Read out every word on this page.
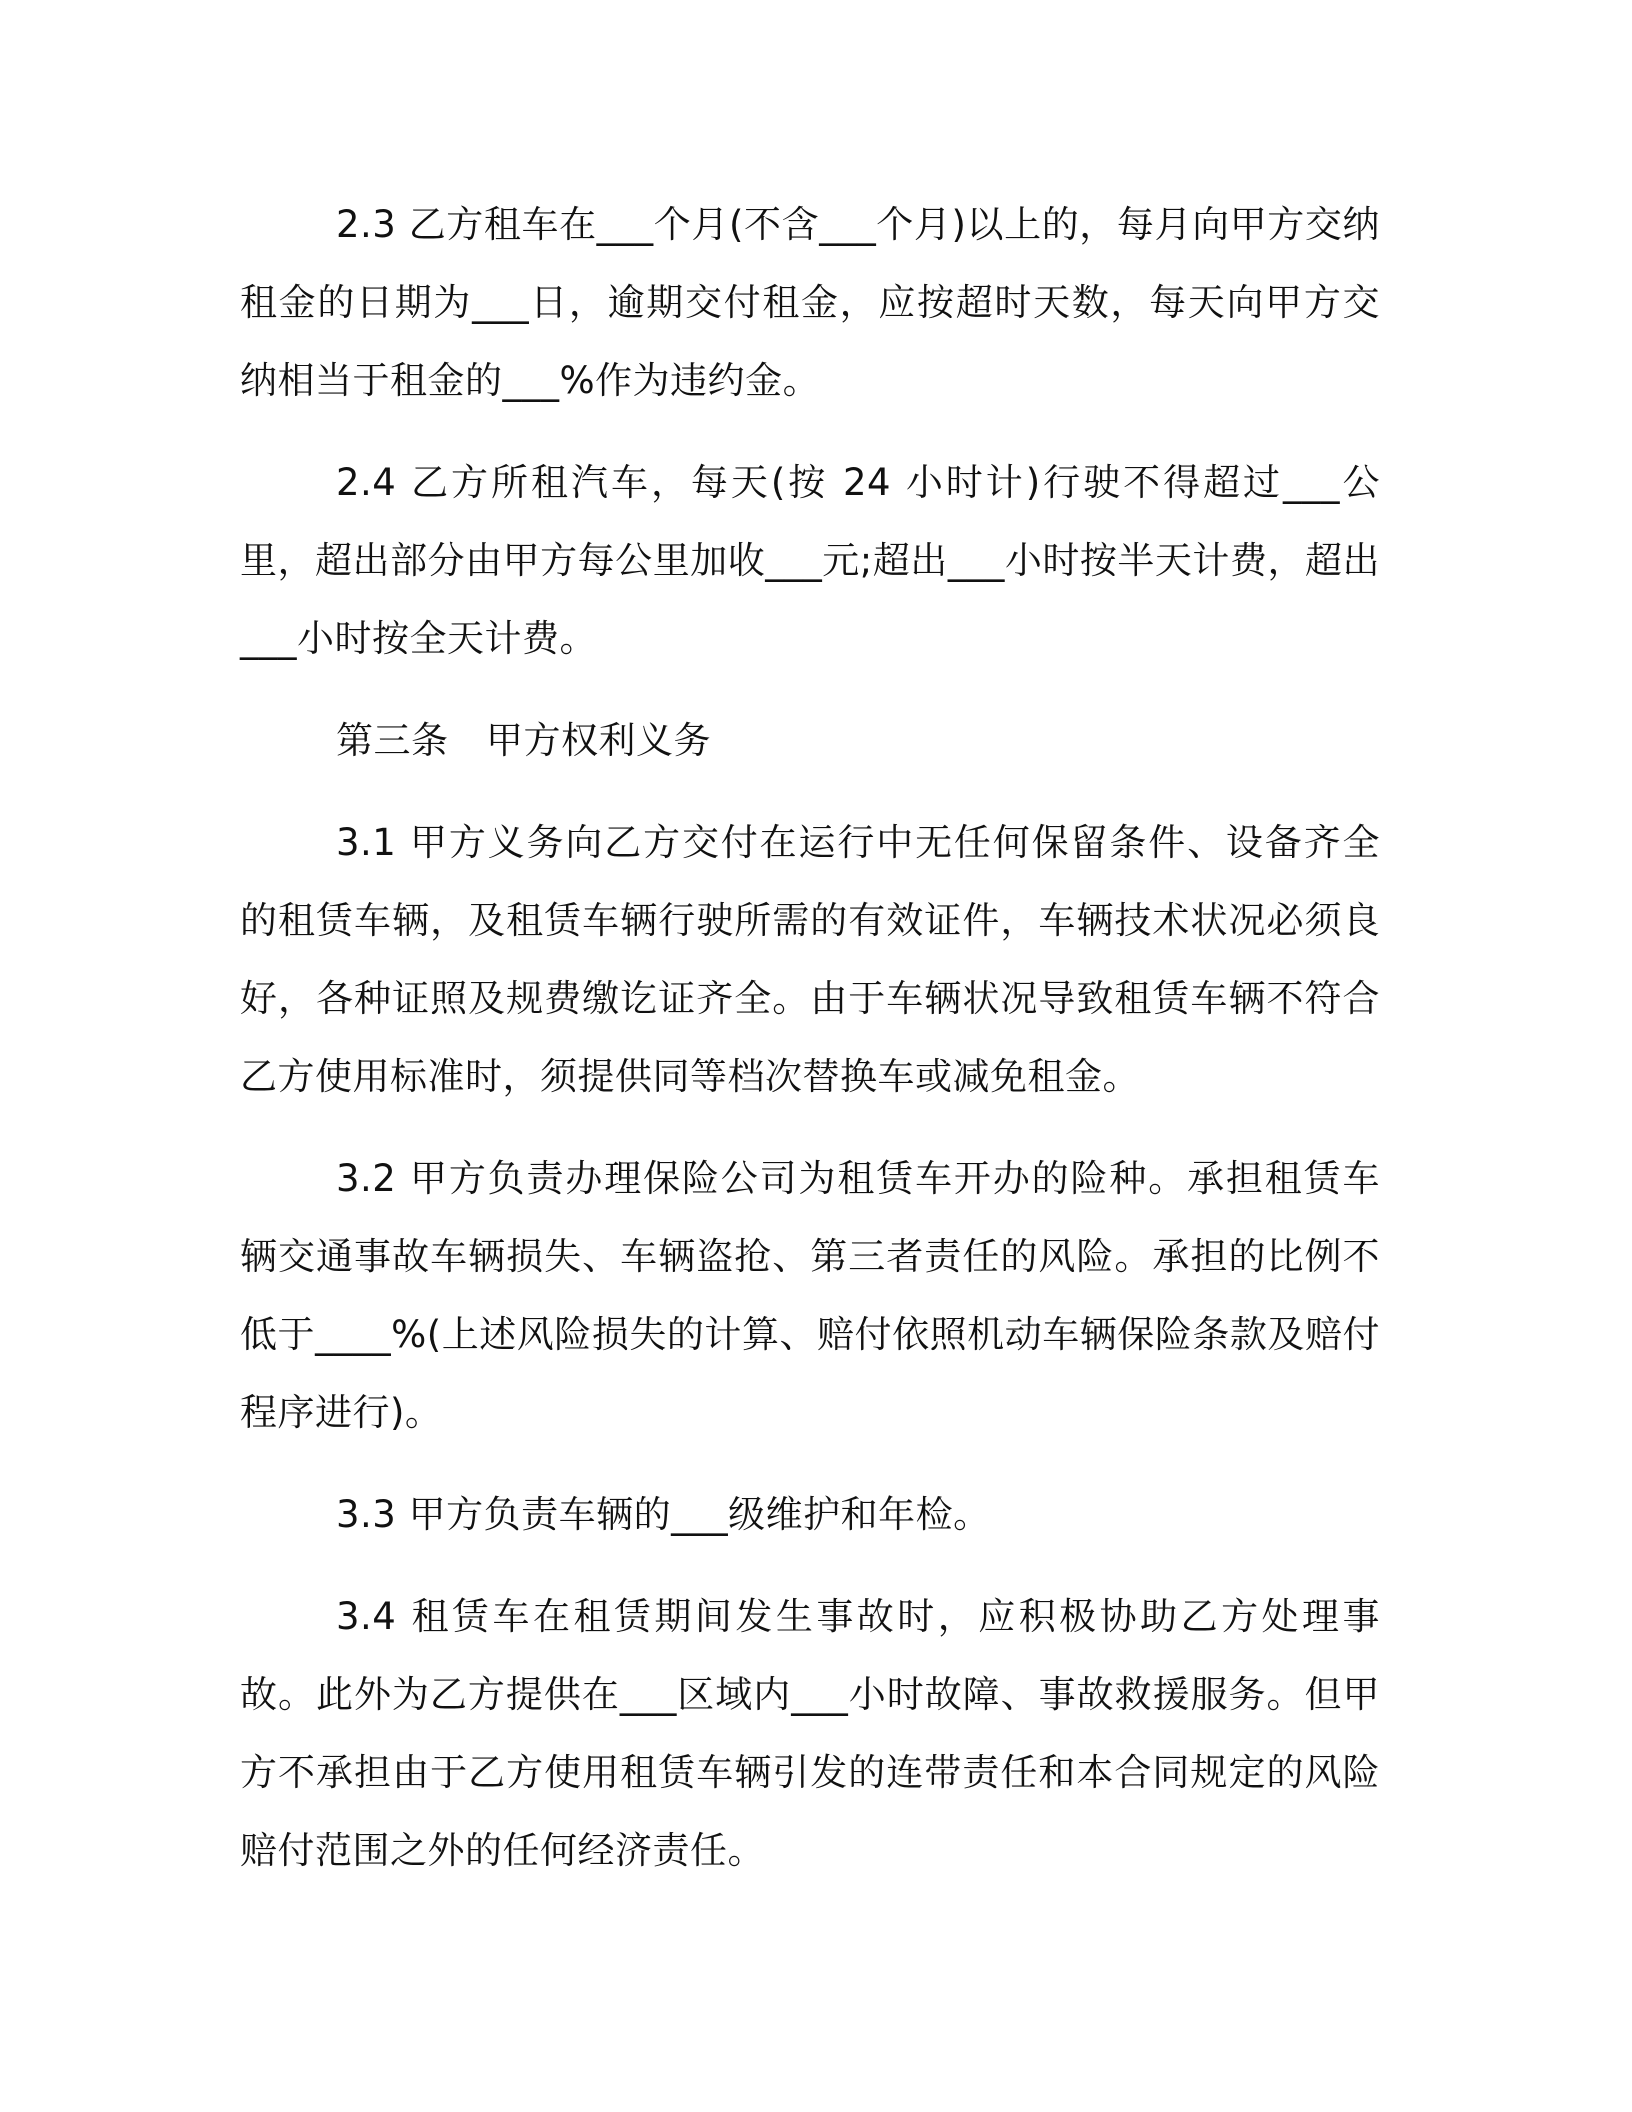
2.3 乙方租车在___个月(不含___个月)以上的，每月向甲方交纳租金的日期为___日，逾期交付租金，应按超时天数，每天向甲方交纳相当于租金的___%作为违约金。

2.4 乙方所租汽车，每天(按 24 小时计)行驶不得超过___公里，超出部分由甲方每公里加收___元;超出___小时按半天计费，超出___小时按全天计费。

第三条　甲方权利义务

3.1 甲方义务向乙方交付在运行中无任何保留条件、设备齐全的租赁车辆，及租赁车辆行驶所需的有效证件，车辆技术状况必须良好，各种证照及规费缴讫证齐全。由于车辆状况导致租赁车辆不符合乙方使用标准时，须提供同等档次替换车或减免租金。

3.2 甲方负责办理保险公司为租赁车开办的险种。承担租赁车辆交通事故车辆损失、车辆盗抢、第三者责任的风险。承担的比例不低于____%(上述风险损失的计算、赔付依照机动车辆保险条款及赔付程序进行)。

3.3 甲方负责车辆的___级维护和年检。

3.4 租赁车在租赁期间发生事故时，应积极协助乙方处理事故。此外为乙方提供在___区域内___小时故障、事故救援服务。但甲方不承担由于乙方使用租赁车辆引发的连带责任和本合同规定的风险赔付范围之外的任何经济责任。
